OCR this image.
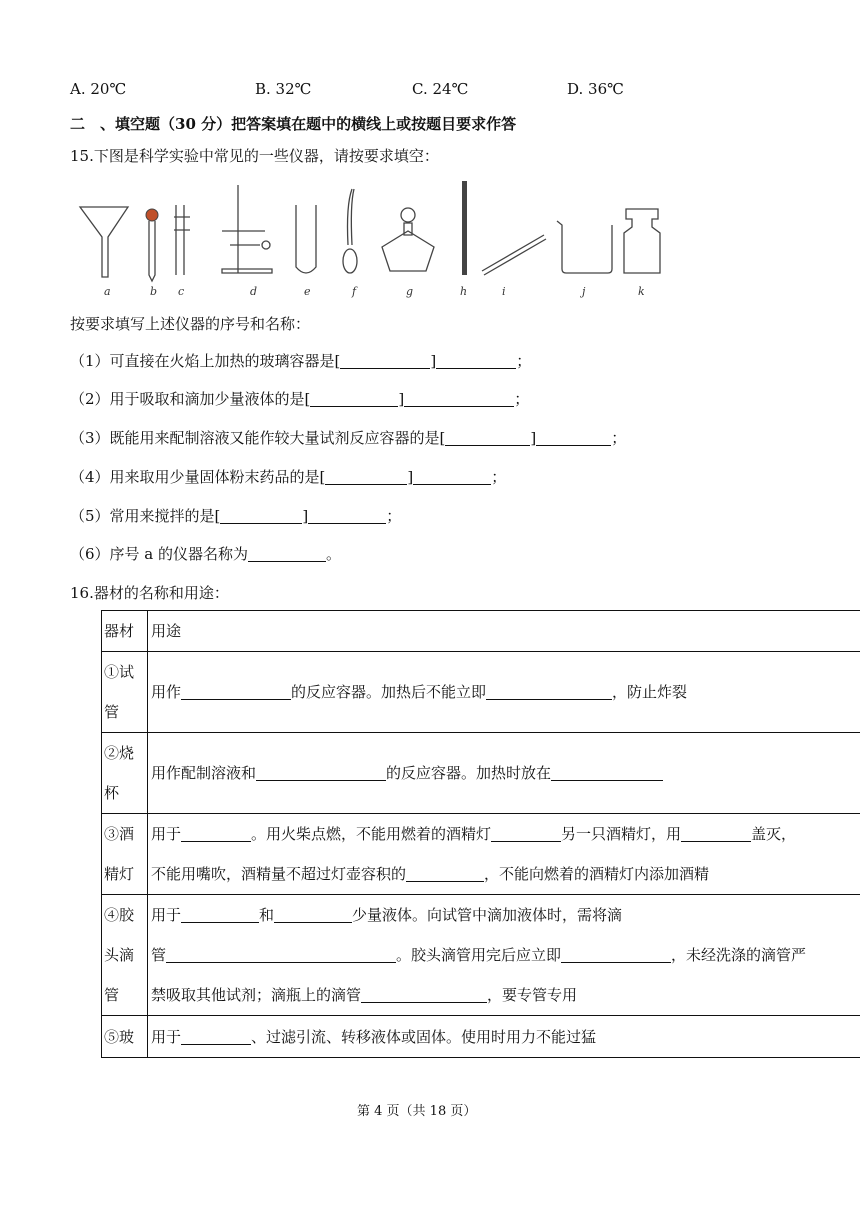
A. 20℃	B. 32℃	C. 24℃	D. 36℃
二　、填空题（30 分）把答案填在题中的横线上或按题目要求作答
15.下图是科学实验中常见的一些仪器，请按要求填空：
a	b c	d	e	f	g	h	i	j	k
按要求填写上述仪器的序号和名称：
（1）可直接在火焰上加热的玻璃容器是[	]	；
（2）用于吸取和滴加少量液体的是[	]	；
（3）既能用来配制溶液又能作较大量试剂反应容器的是[	]	；
（4）用来取用少量固体粉末药品的是[	]	；
（5）常用来搅拌的是[	]	；
（6）序号 a 的仪器名称为	。
16.器材的名称和用途：
器材	用途
①试管	用作 的反应容器。加热后不能立即 ，防止炸裂
②烧杯	用作配制溶液和 的反应容器。加热时放在
③酒精灯	用于 。用火柴点燃，不能用燃着的酒精灯 另一只酒精灯，用 盖灭，
不能用嘴吹，酒精量不超过灯壶容积的 ，不能向燃着的酒精灯内添加酒精

④胶头滴管	用于 和 少量液体。向试管中滴加液体时，需将滴
管 。胶头滴管用完后应立即 ，未经洗涤的滴管严
禁吸取其他试剂；滴瓶上的滴管 ，要专管专用

⑤玻	用于 、过滤引流、转移液体或固体。使用时用力不能过猛
第 4 页（共 18 页）
